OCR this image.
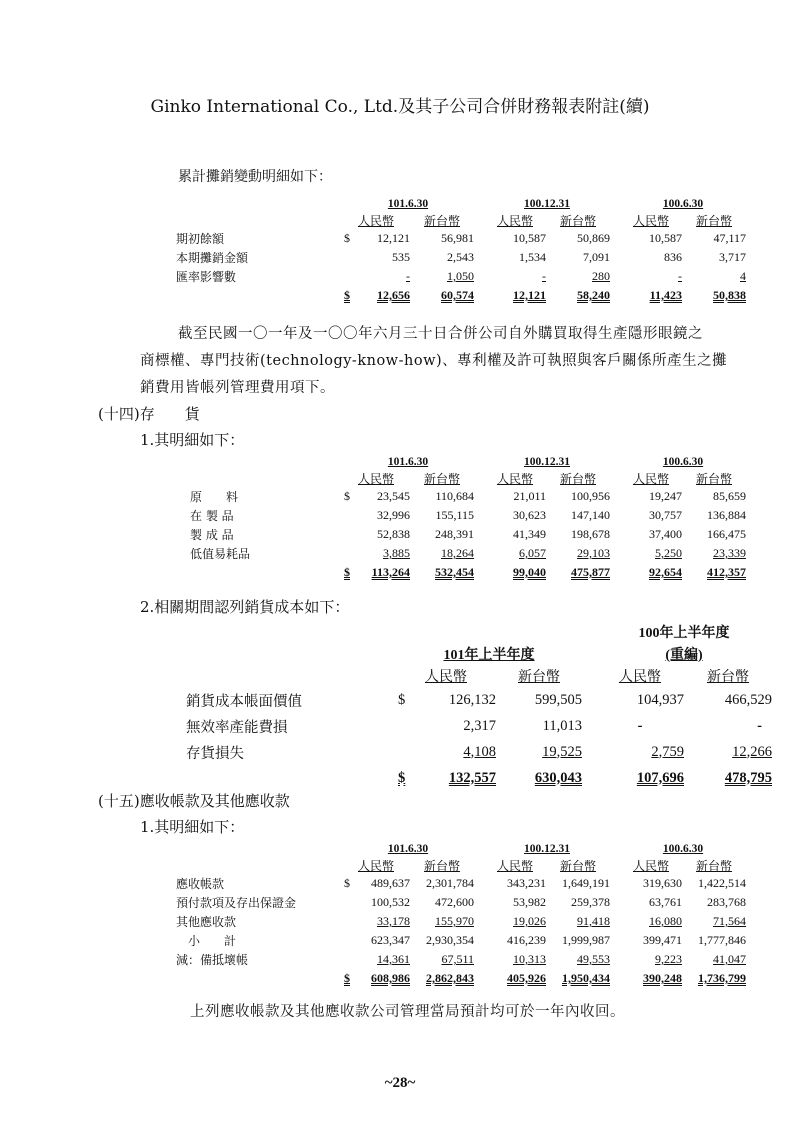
Ginko International Co., Ltd.及其子公司合併財務報表附註(續)
累計攤銷變動明細如下：
	101.6.30				100.12.31			100.6.30	
	人民幣		新台幣		人民幣	新台幣		人民幣	新台幣
期初餘額	$	12,121	56,981		10,587	50,869		10,587	47,117
本期攤銷金額		535	2,543		1,534	7,091		836	3,717
匯率影響數		-	1,050		-	280		-	4
	$	12,656	60,574		12,121	58,240		11,423	50,838
截至民國一〇一年及一〇〇年六月三十日合併公司自外購買取得生產隱形眼鏡之
商標權、專門技術(technology-know-how)、專利權及許可執照與客戶關係所產生之攤
銷費用皆帳列管理費用項下。
(十四)存　　貨
1.其明細如下：
	101.6.30				100.12.31			100.6.30	
	人民幣		新台幣		人民幣	新台幣		人民幣	新台幣
原　　料	$	23,545	110,684		21,011	100,956		19,247	85,659
在 製 品		32,996	155,115		30,623	147,140		30,757	136,884
製 成 品		52,838	248,391		41,349	198,678		37,400	166,475
低值易耗品		3,885	18,264		6,057	29,103		5,250	23,339
	$	113,264	532,454		99,040	475,877		92,654	412,357
2.相關期間認列銷貨成本如下：
					100年上半年度	
	101年上半年度				(重編)	
	人民幣		新台幣		人民幣	新台幣
銷貨成本帳面價值	$	126,132	599,505		104,937	466,529
無效率產能費損		2,317	11,013		-	-
存貨損失		4,108	19,525		2,759	12,266
	$	132,557	630,043		107,696	478,795
(十五)應收帳款及其他應收款
1.其明細如下：
	101.6.30				100.12.31			100.6.30	
	人民幣		新台幣		人民幣	新台幣		人民幣	新台幣
應收帳款	$	489,637	2,301,784		343,231	1,649,191		319,630	1,422,514
預付款項及存出保證金		100,532	472,600		53,982	259,378		63,761	283,768
其他應收款		33,178	155,970		19,026	91,418		16,080	71,564
　小　　計		623,347	2,930,354		416,239	1,999,987		399,471	1,777,846
減：備抵壞帳		14,361	67,511		10,313	49,553		9,223	41,047
	$	608,986	2,862,843		405,926	1,950,434		390,248	1,736,799
上列應收帳款及其他應收款公司管理當局預計均可於一年內收回。
~28~
